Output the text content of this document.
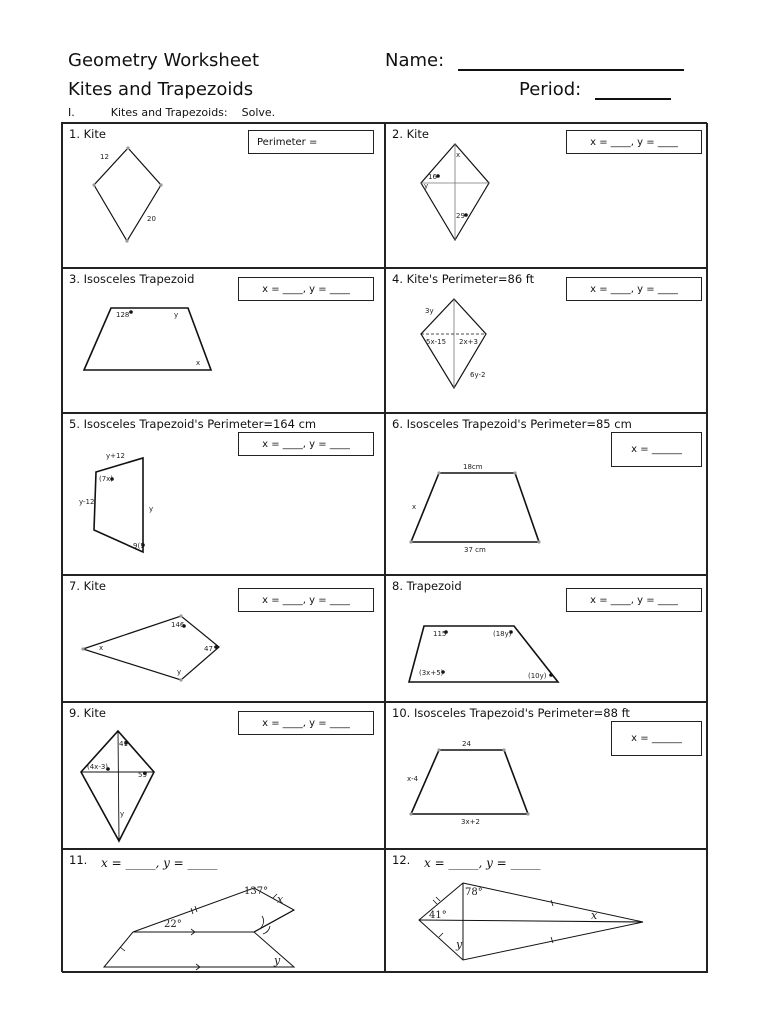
Geometry Worksheet
Kites and Trapezoids
Name:
Period:
I.	Kites and Trapezoids: Solve.
1. Kite
Perimeter =
12
20
2. Kite
x = ____, y = ____
x
16
y
29
3. Isosceles Trapezoid
x = ____, y = ____
128	y
x
4. Kite's Perimeter=86 ft
x = ____, y = ____
3y
5x-15 2x+3
6y-2
5. Isosceles Trapezoid's Perimeter=164 cm
x = ____, y = ____
y+12
(7x)
y-12
y
9(1
6. Isosceles Trapezoid's Perimeter=85 cm
x = ______
18cm
x
37 cm
7. Kite
x = ____, y = ____
146
x	47
y
8. Trapezoid
x = ____, y = ____
115	(18y)
(3x+5)	(10y)
9. Kite
x = ____, y = ____
41
(4x-3)
59
y
10. Isosceles Trapezoid's Perimeter=88 ft
x = ______
24
x-4
3x+2
11. x = _____, y = _____
137°
x
22°
y
12. x = _____, y = _____
78°
41°	x
y
